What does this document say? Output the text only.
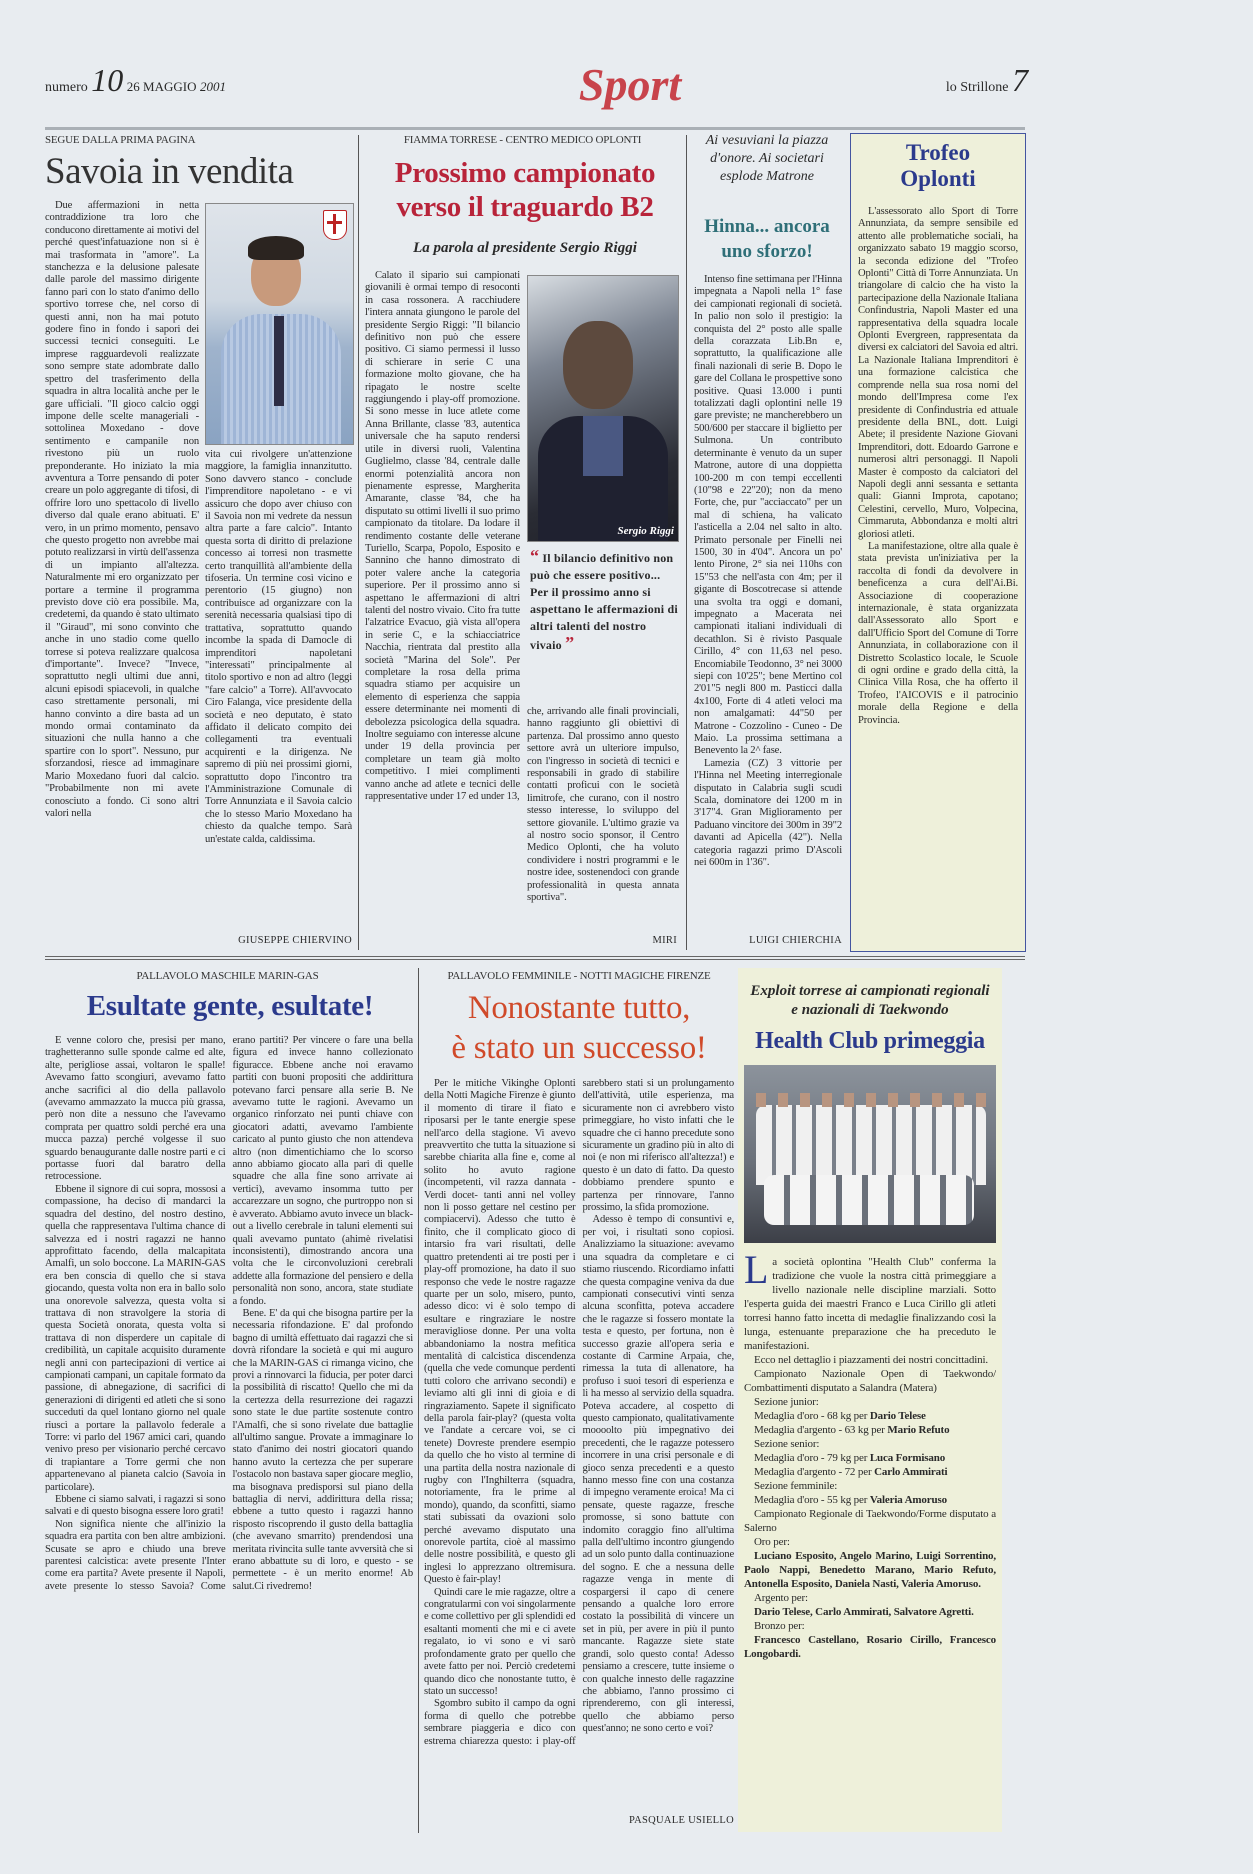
numero 10 26 MAGGIO 2001	Sport	lo Strillone 7
SEGUE DALLA PRIMA PAGINA
Savoia in vendita

Due affermazioni in netta contraddizione tra loro che conducono direttamente ai motivi del perché quest'infatuazione non si è mai trasformata in "amore". La stanchezza e la delusione palesate dalle parole del massimo dirigente fanno pari con lo stato d'animo dello sportivo torrese che, nel corso di questi anni, non ha mai potuto godere fino in fondo i sapori dei successi tecnici conseguiti. Le imprese ragguardevoli realizzate sono sempre state adombrate dallo spettro del trasferimento della squadra in altra località anche per le gare ufficiali. "Il gioco calcio oggi impone delle scelte manageriali - sottolinea Moxedano - dove sentimento e campanile non rivestono più un ruolo preponderante. Ho iniziato la mia avventura a Torre pensando di poter creare un polo aggregante di tifosi, di offrire loro uno spettacolo di livello diverso dal quale erano abituati. E' vero, in un primo momento, pensavo che questo progetto non avrebbe mai potuto realizzarsi in virtù dell'assenza di un impianto all'altezza. Naturalmente mi ero organizzato per portare a termine il programma previsto dove ciò era possibile. Ma, credetemi, da quando è stato ultimato il "Giraud", mi sono convinto che anche in uno stadio come quello torrese si poteva realizzare qualcosa d'importante". Invece? "Invece, soprattutto negli ultimi due anni, alcuni episodi spiacevoli, in qualche caso strettamente personali, mi hanno convinto a dire basta ad un mondo ormai contaminato da situazioni che nulla hanno a che spartire con lo sport". Nessuno, pur sforzandosi, riesce ad immaginare Mario Moxedano fuori dal calcio. "Probabilmente non mi avete conosciuto a fondo. Ci sono altri valori nella

vita cui rivolgere un'attenzione maggiore, la famiglia innanzitutto. Sono davvero stanco - conclude l'imprenditore napoletano - e vi assicuro che dopo aver chiuso con il Savoia non mi vedrete da nessun altra parte a fare calcio". Intanto questa sorta di diritto di prelazione concesso ai torresi non trasmette certo tranquillità all'ambiente della tifoseria. Un termine così vicino e perentorio (15 giugno) non contribuisce ad organizzare con la serenità necessaria qualsiasi tipo di trattativa, soprattutto quando incombe la spada di Damocle di imprenditori napoletani "interessati" principalmente al titolo sportivo e non ad altro (leggi "fare calcio" a Torre). All'avvocato Ciro Falanga, vice presidente della società e neo deputato, è stato affidato il delicato compito dei collegamenti tra eventuali acquirenti e la dirigenza. Ne sapremo di più nei prossimi giorni, soprattutto dopo l'incontro tra l'Amministrazione Comunale di Torre Annunziata e il Savoia calcio che lo stesso Mario Moxedano ha chiesto da qualche tempo. Sarà un'estate calda, caldissima.

GIUSEPPE CHIERVINO
FIAMMA TORRESE - CENTRO MEDICO OPLONTI
Prossimo campionato
verso il traguardo B2
La parola al presidente Sergio Riggi

Calato il sipario sui campionati giovanili è ormai tempo di resoconti in casa rossonera. A racchiudere l'intera annata giungono le parole del presidente Sergio Riggi: "Il bilancio definitivo non può che essere positivo. Ci siamo permessi il lusso di schierare in serie C una formazione molto giovane, che ha ripagato le nostre scelte raggiungendo i play-off promozione. Si sono messe in luce atlete come Anna Brillante, classe '83, autentica universale che ha saputo rendersi utile in diversi ruoli, Valentina Guglielmo, classe '84, centrale dalle enormi potenzialità ancora non pienamente espresse, Margherita Amarante, classe '84, che ha disputato su ottimi livelli il suo primo campionato da titolare. Da lodare il rendimento costante delle veterane Turiello, Scarpa, Popolo, Esposito e Sannino che hanno dimostrato di poter valere anche la categoria superiore. Per il prossimo anno si aspettano le affermazioni di altri talenti del nostro vivaio. Cito fra tutte l'alzatrice Evacuo, già vista all'opera in serie C, e la schiacciatrice Nacchia, rientrata dal prestito alla società "Marina del Sole". Per completare la rosa della prima squadra stiamo per acquisire un elemento di esperienza che sappia essere determinante nei momenti di debolezza psicologica della squadra. Inoltre seguiamo con interesse alcune under 19 della provincia per completare un team già molto competitivo. I miei complimenti vanno anche ad atlete e tecnici delle rappresentative under 17 ed under 13,

Sergio Riggi
“ Il bilancio definitivo non può che essere positivo... Per il prossimo anno si aspettano le affermazioni di altri talenti del nostro vivaio ”

che, arrivando alle finali provinciali, hanno raggiunto gli obiettivi di partenza. Dal prossimo anno questo settore avrà un ulteriore impulso, con l'ingresso in società di tecnici e responsabili in grado di stabilire contatti proficui con le società limitrofe, che curano, con il nostro stesso interesse, lo sviluppo del settore giovanile. L'ultimo grazie va al nostro socio sponsor, il Centro Medico Oplonti, che ha voluto condividere i nostri programmi e le nostre idee, sostenendoci con grande professionalità in questa annata sportiva".

MIRI
Ai vesuviani la piazza d'onore. Ai societari esplode Matrone
Hinna... ancora uno sforzo!

Intenso fine settimana per l'Hinna impegnata a Napoli nella 1° fase dei campionati regionali di società. In palio non solo il prestigio: la conquista del 2° posto alle spalle della corazzata Lib.Bn e, soprattutto, la qualificazione alle finali nazionali di serie B. Dopo le gare del Collana le prospettive sono positive. Quasi 13.000 i punti totalizzati dagli oplontini nelle 19 gare previste; ne mancherebbero un 500/600 per staccare il biglietto per Sulmona. Un contributo determinante è venuto da un super Matrone, autore di una doppietta 100-200 m con tempi eccellenti (10"98 e 22"20); non da meno Forte, che, pur "acciaccato" per un mal di schiena, ha valicato l'asticella a 2.04 nel salto in alto. Primato personale per Finelli nei 1500, 30 in 4'04". Ancora un po' lento Pirone, 2° sia nei 110hs con 15"53 che nell'asta con 4m; per il gigante di Boscotrecase si attende una svolta tra oggi e domani, impegnato a Macerata nei campionati italiani individuali di decathlon. Si è rivisto Pasquale Cirillo, 4° con 11,63 nel peso. Encomiabile Teodonno, 3° nei 3000 siepi con 10'25"; bene Mertino col 2'01"5 negli 800 m. Pasticci dalla 4x100, Forte di 4 atleti veloci ma non amalgamati: 44"50 per Matrone - Cozzolino - Cuneo - De Maio. La prossima settimana a Benevento la 2^ fase.

Lamezia (CZ) 3 vittorie per l'Hinna nel Meeting interregionale disputato in Calabria sugli scudi Scala, dominatore dei 1200 m in 3'17"4. Gran Miglioramento per Paduano vincitore dei 300m in 39"2 davanti ad Apicella (42"). Nella categoria ragazzi primo D'Ascoli nei 600m in 1'36".

LUIGI CHIERCHIA
Trofeo Oplonti

L'assessorato allo Sport di Torre Annunziata, da sempre sensibile ed attento alle problematiche sociali, ha organizzato sabato 19 maggio scorso, la seconda edizione del "Trofeo Oplonti" Città di Torre Annunziata. Un triangolare di calcio che ha visto la partecipazione della Nazionale Italiana Confindustria, Napoli Master ed una rappresentativa della squadra locale Oplonti Evergreen, rappresentata da diversi ex calciatori del Savoia ed altri. La Nazionale Italiana Imprenditori è una formazione calcistica che comprende nella sua rosa nomi del mondo dell'Impresa come l'ex presidente di Confindustria ed attuale presidente della BNL, dott. Luigi Abete; il presidente Nazione Giovani Imprenditori, dott. Edoardo Garrone e numerosi altri personaggi. Il Napoli Master è composto da calciatori del Napoli degli anni sessanta e settanta quali: Gianni Improta, capotano; Celestini, cervello, Muro, Volpecina, Cimmaruta, Abbondanza e molti altri gloriosi atleti.

La manifestazione, oltre alla quale è stata prevista un'iniziativa per la raccolta di fondi da devolvere in beneficenza a cura dell'Ai.Bi. Associazione di cooperazione internazionale, è stata organizzata dall'Assessorato allo Sport e dall'Ufficio Sport del Comune di Torre Annunziata, in collaborazione con il Distretto Scolastico locale, le Scuole di ogni ordine e grado della città, la Clinica Villa Rosa, che ha offerto il Trofeo, l'AICOVIS e il patrocinio morale della Regione e della Provincia.

PALLAVOLO MASCHILE MARIN-GAS
Esultate gente, esultate!

E venne coloro che, presisi per mano, traghetteranno sulle sponde calme ed alte, alte, perigliose assai, voltaron le spalle! Avevamo fatto scongiuri, avevamo fatto anche sacrifici al dio della pallavolo (avevamo ammazzato la mucca più grassa, però non dite a nessuno che l'avevamo comprata per quattro soldi perché era una mucca pazza) perché volgesse il suo sguardo benaugurante dalle nostre parti e ci portasse fuori dal baratro della retrocessione.

Ebbene il signore di cui sopra, mossosi a compassione, ha deciso di mandarci la squadra del destino, del nostro destino, quella che rappresentava l'ultima chance di salvezza ed i nostri ragazzi ne hanno approfittato facendo, della malcapitata Amalfi, un solo boccone. La MARIN-GAS era ben conscia di quello che si stava giocando, questa volta non era in ballo solo una onorevole salvezza, questa volta si trattava di non stravolgere la storia di questa Società onorata, questa volta si trattava di non disperdere un capitale di credibilità, un capitale acquisito duramente negli anni con partecipazioni di vertice ai campionati campani, un capitale formato da passione, di abnegazione, di sacrifici di generazioni di dirigenti ed atleti che si sono succeduti da quel lontano giorno nel quale riuscì a portare la pallavolo federale a Torre: vi parlo del 1967 amici cari, quando venivo preso per visionario perché cercavo di trapiantare a Torre germi che non appartenevano al pianeta calcio (Savoia in particolare).

Ebbene ci siamo salvati, i ragazzi si sono salvati e di questo bisogna essere loro grati!

Non significa niente che all'inizio la squadra era partita con ben altre ambizioni. Scusate se apro e chiudo una breve parentesi calcistica: avete presente l'Inter come era partita? Avete presente il Napoli, avete presente lo stesso Savoia? Come erano partiti? Per vincere o fare una bella figura ed invece hanno collezionato figuracce. Ebbene anche noi eravamo partiti con buoni propositi che addirittura potevano farci pensare alla serie B. Ne avevamo tutte le ragioni. Avevamo un organico rinforzato nei punti chiave con giocatori adatti, avevamo l'ambiente caricato al punto giusto che non attendeva altro (non dimentichiamo che lo scorso anno abbiamo giocato alla pari di quelle squadre che alla fine sono arrivate ai vertici), avevamo insomma tutto per accarezzare un sogno, che purtroppo non si è avverato. Abbiamo avuto invece un black-out a livello cerebrale in taluni elementi sui quali avevamo puntato (ahimè rivelatisi inconsistenti), dimostrando ancora una volta che le circonvoluzioni cerebrali addette alla formazione del pensiero e della personalità non sono, ancora, state studiate a fondo.

Bene. E' da qui che bisogna partire per la necessaria rifondazione. E' dal profondo bagno di umiltà effettuato dai ragazzi che si dovrà rifondare la società e qui mi auguro che la MARIN-GAS ci rimanga vicino, che provi a rinnovarci la fiducia, per poter darci la possibilità di riscatto! Quello che mi da la certezza della resurrezione dei ragazzi sono state le due partite sostenute contro l'Amalfi, che si sono rivelate due battaglie all'ultimo sangue. Provate a immaginare lo stato d'animo dei nostri giocatori quando hanno avuto la certezza che per superare l'ostacolo non bastava saper giocare meglio, ma bisognava predisporsi sul piano della battaglia di nervi, addirittura della rissa; ebbene a tutto questo i ragazzi hanno risposto riscoprendo il gusto della battaglia (che avevano smarrito) prendendosi una meritata rivincita sulle tante avversità che si erano abbattute su di loro, e questo - se permettete - è un merito enorme! Ab salut.Ci rivedremo!

PALLAVOLO FEMMINILE - NOTTI MAGICHE FIRENZE
Nonostante tutto,
è stato un successo!

Per le mitiche Vikinghe Oplonti della Notti Magiche Firenze è giunto il momento di tirare il fiato e riposarsi per le tante energie spese nell'arco della stagione. Vi avevo preavvertito che tutta la situazione si sarebbe chiarita alla fine e, come al solito ho avuto ragione (incompetenti, vil razza dannata -Verdi docet- tanti anni nel volley non li posso gettare nel cestino per compiacervi). Adesso che tutto è finito, che il complicato gioco di intarsio fra vari risultati, delle quattro pretendenti ai tre posti per i play-off promozione, ha dato il suo responso che vede le nostre ragazze quarte per un solo, misero, punto, adesso dico: vi è solo tempo di esultare e ringraziare le nostre meravigliose donne. Per una volta abbandoniamo la nostra mefitica mentalità di calcistica discendenza (quella che vede comunque perdenti tutti coloro che arrivano secondi) e leviamo alti gli inni di gioia e di ringraziamento. Sapete il significato della parola fair-play? (questa volta ve l'andate a cercare voi, se ci tenete) Dovreste prendere esempio da quello che ho visto al termine di una partita della nostra nazionale di rugby con l'Inghilterra (squadra, notoriamente, fra le prime al mondo), quando, da sconfitti, siamo stati subissati da ovazioni solo perché avevamo disputato una onorevole partita, cioè al massimo delle nostre possibilità, e questo gli inglesi lo apprezzano oltremisura. Questo è fair-play!

Quindi care le mie ragazze, oltre a congratularmi con voi singolarmente e come collettivo per gli splendidi ed esaltanti momenti che mi e ci avete regalato, io vi sono e vi sarò profondamente grato per quello che avete fatto per noi. Perciò credetemi quando dico che nonostante tutto, è stato un successo!

Sgombro subito il campo da ogni forma di quello che potrebbe sembrare piaggeria e dico con estrema chiarezza questo: i play-off sarebbero stati si un prolungamento dell'attività, utile esperienza, ma sicuramente non ci avrebbero visto primeggiare, ho visto infatti che le squadre che ci hanno precedute sono sicuramente un gradino più in alto di noi (e non mi riferisco all'altezza!) e questo è un dato di fatto. Da questo dobbiamo prendere spunto e partenza per rinnovare, l'anno prossimo, la sfida promozione.

Adesso è tempo di consuntivi e, per voi, i risultati sono copiosi. Analizziamo la situazione: avevamo una squadra da completare e ci stiamo riuscendo. Ricordiamo infatti che questa compagine veniva da due campionati consecutivi vinti senza alcuna sconfitta, poteva accadere che le ragazze si fossero montate la testa e questo, per fortuna, non è successo grazie all'opera seria e costante di Carmine Arpaia, che, rimessa la tuta di allenatore, ha profuso i suoi tesori di esperienza e li ha messo al servizio della squadra. Poteva accadere, al cospetto di questo campionato, qualitativamente moooolto più impegnativo dei precedenti, che le ragazze potessero incorrere in una crisi personale e di gioco senza precedenti e a questo hanno messo fine con una costanza di impegno veramente eroica! Ma ci pensate, queste ragazze, fresche promosse, si sono battute con indomito coraggio fino all'ultima palla dell'ultimo incontro giungendo ad un solo punto dalla continuazione del sogno. E che a nessuna delle ragazze venga in mente di cospargersi il capo di cenere pensando a qualche loro errore costato la possibilità di vincere un set in più, per avere in più il punto mancante. Ragazze siete state grandi, solo questo conta! Adesso pensiamo a crescere, tutte insieme o con qualche innesto delle ragazzine che abbiamo, l'anno prossimo ci riprenderemo, con gli interessi, quello che abbiamo perso quest'anno; ne sono certo e voi?

PASQUALE USIELLO
Exploit torrese ai campionati regionali e nazionali di Taekwondo
Health Club primeggia

La società oplontina "Health Club" conferma la tradizione che vuole la nostra città primeggiare a livello nazionale nelle discipline marziali. Sotto l'esperta guida dei maestri Franco e Luca Cirillo gli atleti torresi hanno fatto incetta di medaglie finalizzando così la lunga, estenuante preparazione che ha preceduto le manifestazioni.

Ecco nel dettaglio i piazzamenti dei nostri concittadini.

Campionato Nazionale Open di Taekwondo/ Combattimenti disputato a Salandra (Matera)

Sezione junior:

Medaglia d'oro - 68 kg per Dario Telese

Medaglia d'argento - 63 kg per Mario Refuto

Sezione senior:

Medaglia d'oro - 79 kg per Luca Formisano

Medaglia d'argento - 72 per Carlo Ammirati

Sezione femminile:

Medaglia d'oro - 55 kg per Valeria Amoruso

Campionato Regionale di Taekwondo/Forme disputato a Salerno

Oro per:

Luciano Esposito, Angelo Marino, Luigi Sorrentino, Paolo Nappi, Benedetto Marano, Mario Refuto, Antonella Esposito, Daniela Nasti, Valeria Amoruso.

Argento per:

Dario Telese, Carlo Ammirati, Salvatore Agretti.

Bronzo per:

Francesco Castellano, Rosario Cirillo, Francesco Longobardi.
